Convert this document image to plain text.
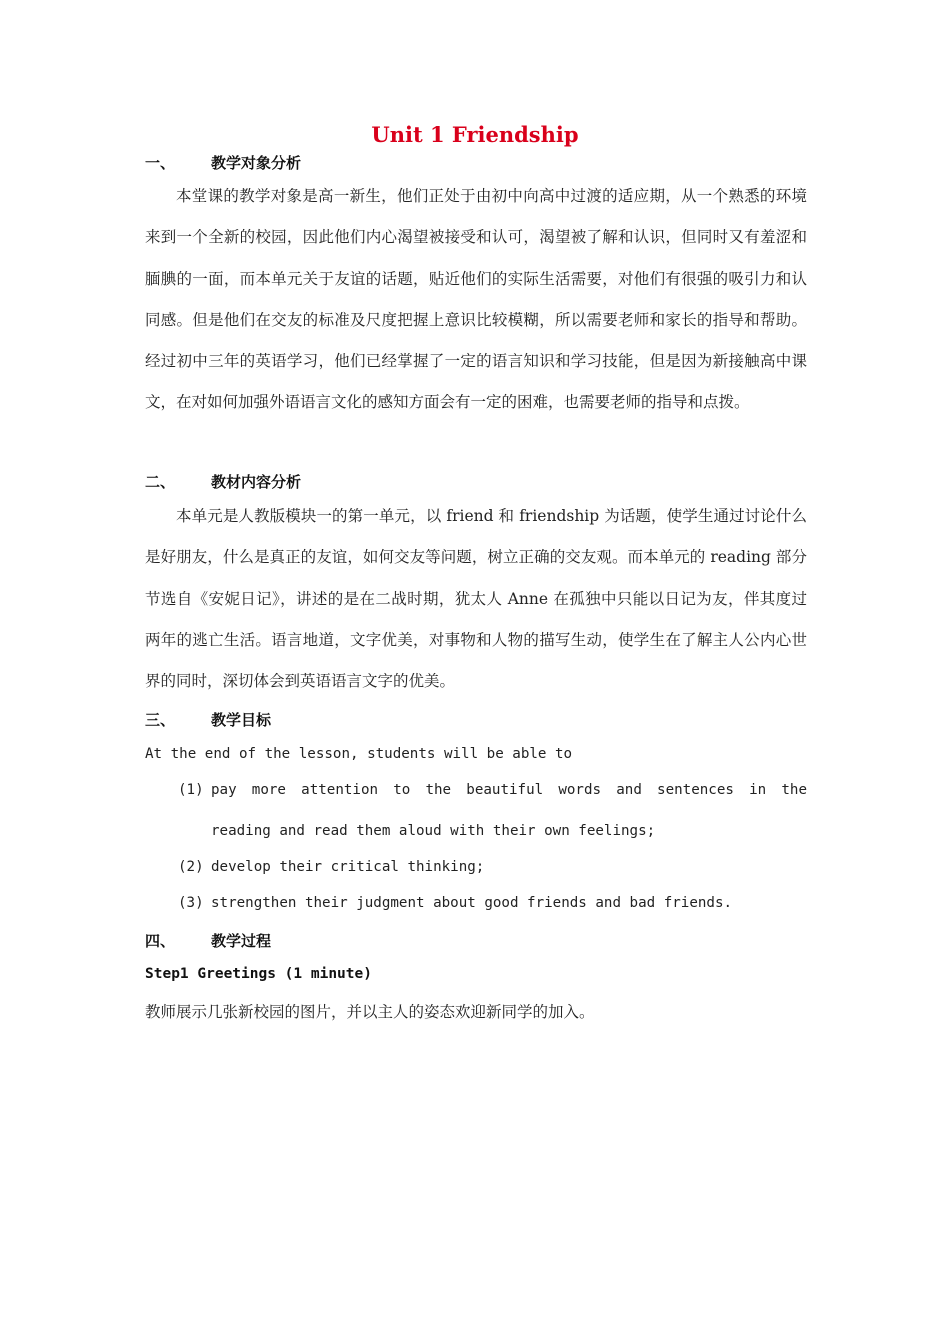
Unit 1 Friendship
一、 教学对象分析
本堂课的教学对象是高一新生，他们正处于由初中向高中过渡的适应期，从一个熟悉的环境来到一个全新的校园，因此他们内心渴望被接受和认可，渴望被了解和认识，但同时又有羞涩和腼腆的一面，而本单元关于友谊的话题，贴近他们的实际生活需要，对他们有很强的吸引力和认同感。但是他们在交友的标准及尺度把握上意识比较模糊，所以需要老师和家长的指导和帮助。经过初中三年的英语学习，他们已经掌握了一定的语言知识和学习技能，但是因为新接触高中课文，在对如何加强外语语言文化的感知方面会有一定的困难，也需要老师的指导和点拨。
二、 教材内容分析
本单元是人教版模块一的第一单元，以 friend 和 friendship 为话题，使学生通过讨论什么是好朋友，什么是真正的友谊，如何交友等问题，树立正确的交友观。而本单元的 reading 部分节选自《安妮日记》，讲述的是在二战时期，犹太人 Anne 在孤独中只能以日记为友，伴其度过两年的逃亡生活。语言地道，文字优美，对事物和人物的描写生动，使学生在了解主人公内心世界的同时，深切体会到英语语言文字的优美。
三、 教学目标
At the end of the lesson, students will be able to
(1) pay more attention to the beautiful words and sentences in the reading and read them aloud with their own feelings;
(2) develop their critical thinking;
(3) strengthen their judgment about good friends and bad friends.
四、 教学过程
Step1 Greetings (1 minute)
教师展示几张新校园的图片，并以主人的姿态欢迎新同学的加入。
